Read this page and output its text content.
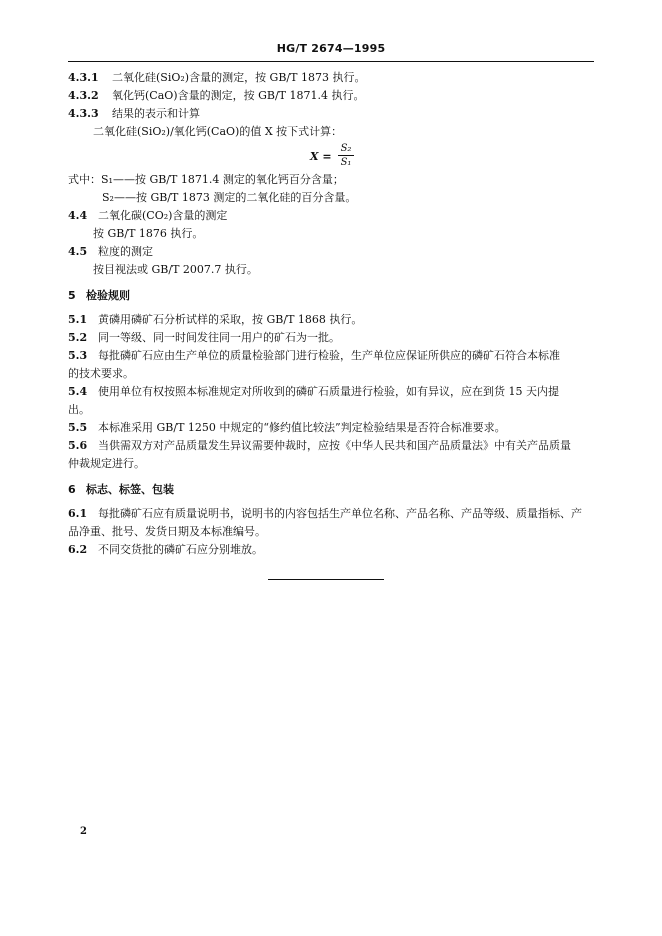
HG/T 2674—1995
4.3.1 二氧化硅(SiO₂)含量的测定，按 GB/T 1873 执行。
4.3.2 氧化钙(CaO)含量的测定，按 GB/T 1871.4 执行。
4.3.3 结果的表示和计算
二氧化硅(SiO₂)/氧化钙(CaO)的值 X 按下式计算：
X =
S₂
S₁
式中：S₁——按 GB/T 1871.4 测定的氧化钙百分含量；
S₂——按 GB/T 1873 测定的二氧化硅的百分含量。
4.4 二氧化碳(CO₂)含量的测定
按 GB/T 1876 执行。
4.5 粒度的测定
按目视法或 GB/T 2007.7 执行。
5 检验规则
5.1 黄磷用磷矿石分析试样的采取，按 GB/T 1868 执行。
5.2 同一等级、同一时间发往同一用户的矿石为一批。
5.3 每批磷矿石应由生产单位的质量检验部门进行检验，生产单位应保证所供应的磷矿石符合本标准
的技术要求。
5.4 使用单位有权按照本标准规定对所收到的磷矿石质量进行检验，如有异议，应在到货 15 天内提
出。
5.5 本标准采用 GB/T 1250 中规定的“修约值比较法”判定检验结果是否符合标准要求。
5.6 当供需双方对产品质量发生异议需要仲裁时，应按《中华人民共和国产品质量法》中有关产品质量
仲裁规定进行。
6 标志、标签、包装
6.1 每批磷矿石应有质量说明书，说明书的内容包括生产单位名称、产品名称、产品等级、质量指标、产
品净重、批号、发货日期及本标准编号。
6.2 不同交货批的磷矿石应分别堆放。
2
